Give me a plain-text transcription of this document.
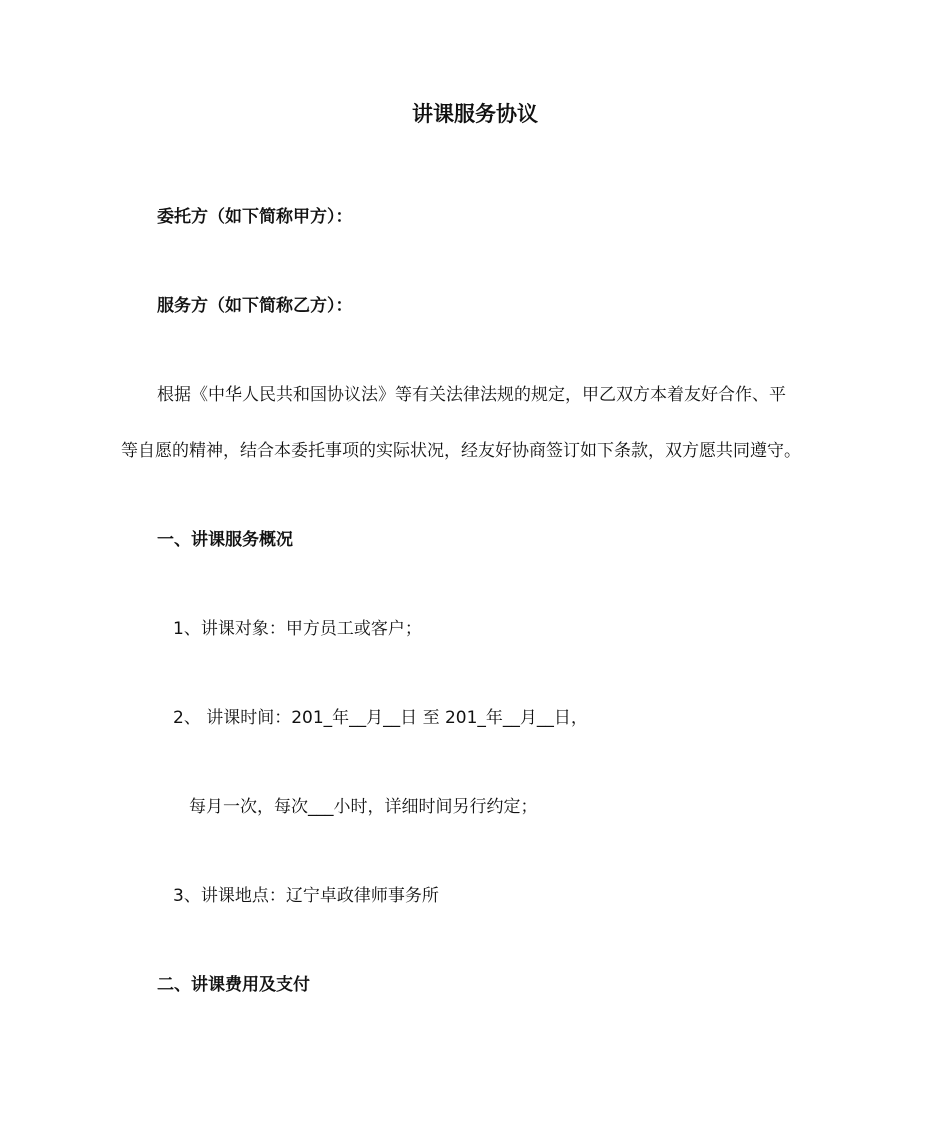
讲课服务协议
委托方（如下简称甲方）：
服务方（如下简称乙方）：
根据《中华人民共和国协议法》等有关法律法规的规定，甲乙双方本着友好合作、平
等自愿的精神，结合本委托事项的实际状况，经友好协商签订如下条款，双方愿共同遵守。
一、讲课服务概况
1、讲课对象：甲方员工或客户；
2、 讲课时间：201_年__月__日 至 201_年__月__日，
每月一次，每次___小时，详细时间另行约定；
3、讲课地点：辽宁卓政律师事务所
二、讲课费用及支付
